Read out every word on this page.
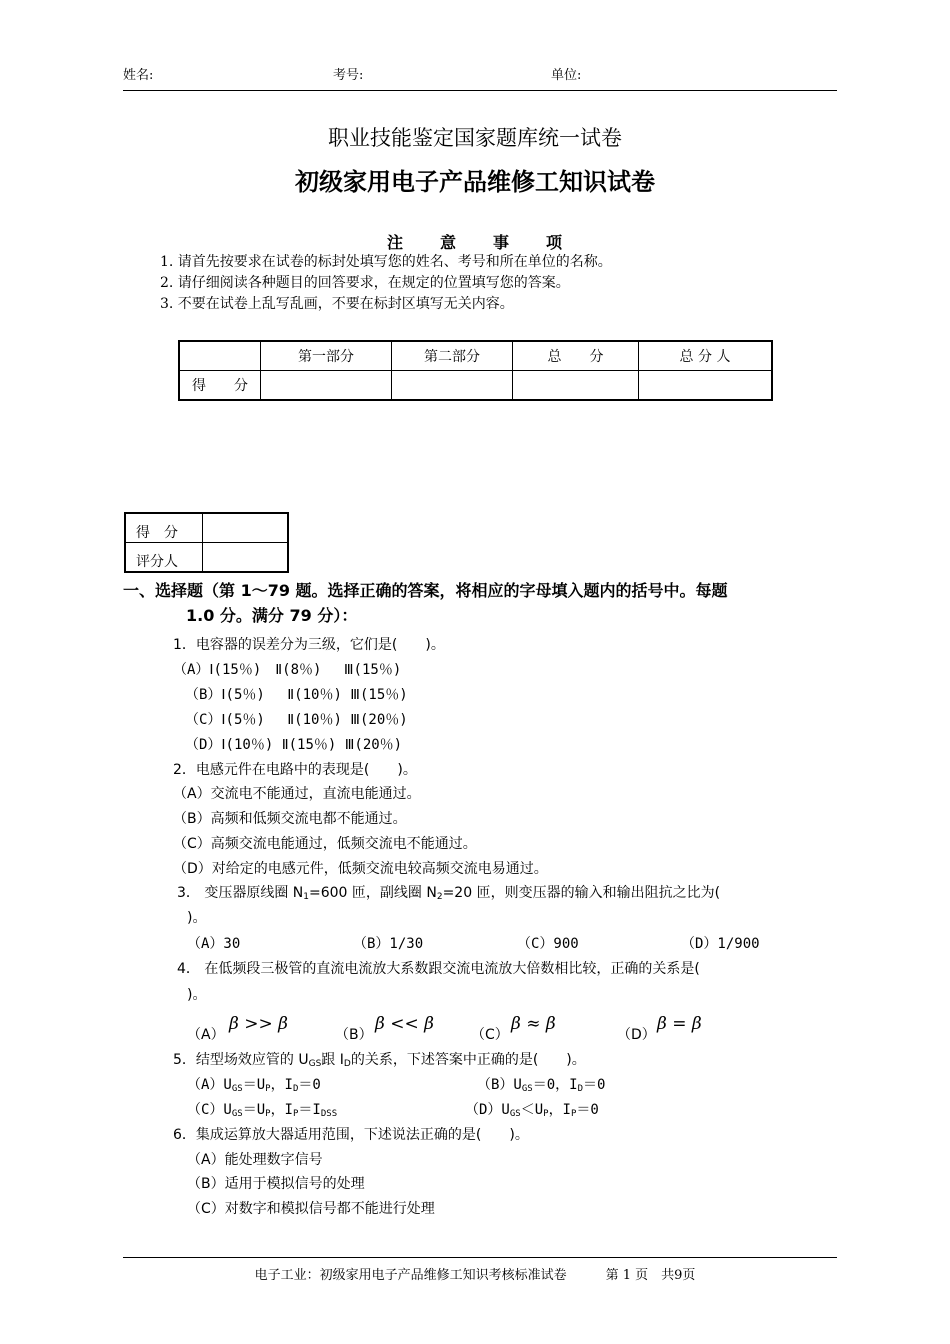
姓名:	考号:	单位:
职业技能鉴定国家题库统一试卷
初级家用电子产品维修工知识试卷
注 意 事 项
1. 请首先按要求在试卷的标封处填写您的姓名、考号和所在单位的名称。
2. 请仔细阅读各种题目的回答要求，在规定的位置填写您的答案。
3. 不要在试卷上乱写乱画，不要在标封区填写无关内容。
	第一部分	第二部分	总　　分	总 分 人
得　　分				
得　分	
评分人	
一、选择题（第 1～79 题。选择正确的答案，将相应的字母填入题内的括号中。每题
1.0 分。满分 79 分）：
1．电容器的误差分为三级，它们是(　　)。
（A）Ⅰ(15％)　Ⅱ(8％)　 Ⅲ(15％)
（B）Ⅰ(5％)　 Ⅱ(10％) Ⅲ(15％)
（C）Ⅰ(5％)　 Ⅱ(10％) Ⅲ(20％)
（D）Ⅰ(10％) Ⅱ(15％) Ⅲ(20％)
2．电感元件在电路中的表现是(　　)。
（A）交流电不能通过，直流电能通过。
（B）高频和低频交流电都不能通过。
（C）高频交流电能通过，低频交流电不能通过。
（D）对给定的电感元件，低频交流电较高频交流电易通过。
3． 变压器原线圈 $N_1=600$ 匝，副线圈 $N_2=20$ 匝，则变压器的输入和输出阻抗之比为(
)。
（A）30	（B）1/30	（C）900	（D）1/900
4． 在低频段三极管的直流电流放大系数跟交流电流放大倍数相比较，正确的关系是(
)。
（A）
β >> β
（B）
β << β
（C）
β ≈ β
（D）
β = β
5．结型场效应管的 $U_{GS}$跟 $I_D$的关系，下述答案中正确的是(　　)。
$(A)U_{GS}=U_P$，$I_D=0$	$(B)U_{GS}=0$，$I_D=0$
$(C)U_{GS}=U_P$，$I_P=I_{DSS}$	$(D)U_{GS}<U_P$，$I_P=0$
6．集成运算放大器适用范围，下述说法正确的是(　　)。
（A）能处理数字信号
（B）适用于模拟信号的处理
（C）对数字和模拟信号都不能进行处理
电子工业：初级家用电子产品维修工知识考核标准试卷　　　	第 1 页　 共9页
